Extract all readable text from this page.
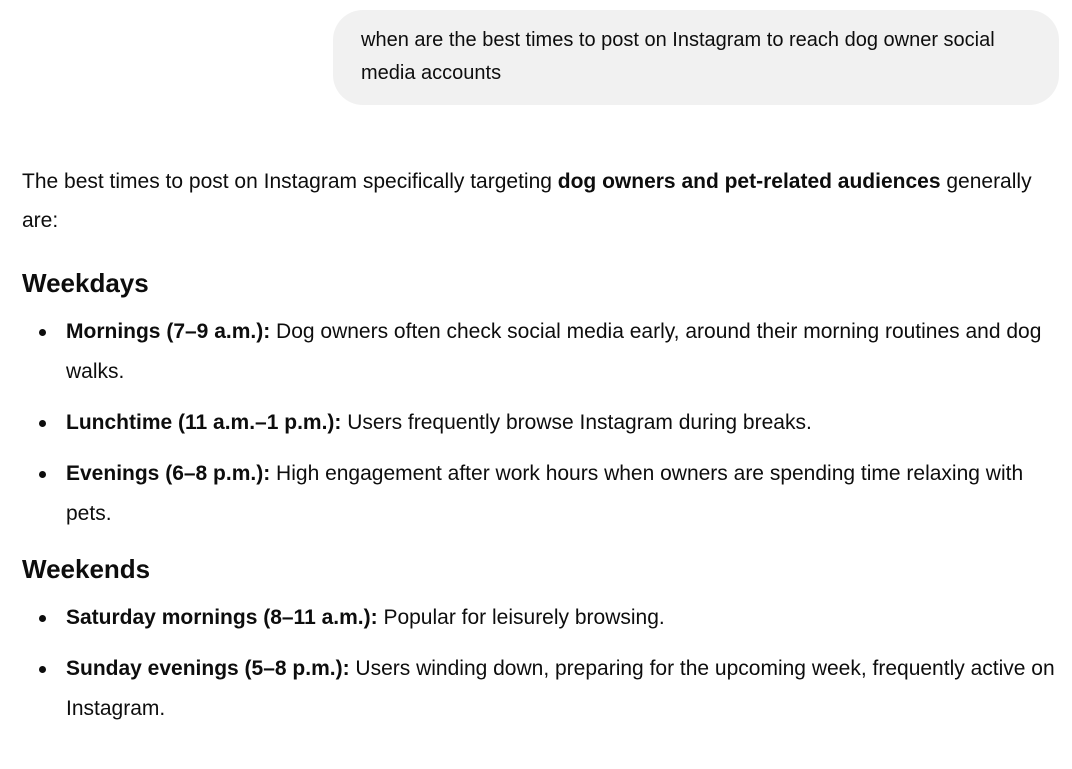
when are the best times to post on Instagram to reach dog owner social media accounts

The best times to post on Instagram specifically targeting dog owners and pet-related audiences generally are:

Weekdays
Mornings (7–9 a.m.): Dog owners often check social media early, around their morning routines and dog walks.
Lunchtime (11 a.m.–1 p.m.): Users frequently browse Instagram during breaks.
Evenings (6–8 p.m.): High engagement after work hours when owners are spending time relaxing with pets.
Weekends
Saturday mornings (8–11 a.m.): Popular for leisurely browsing.
Sunday evenings (5–8 p.m.): Users winding down, preparing for the upcoming week, frequently active on Instagram.
